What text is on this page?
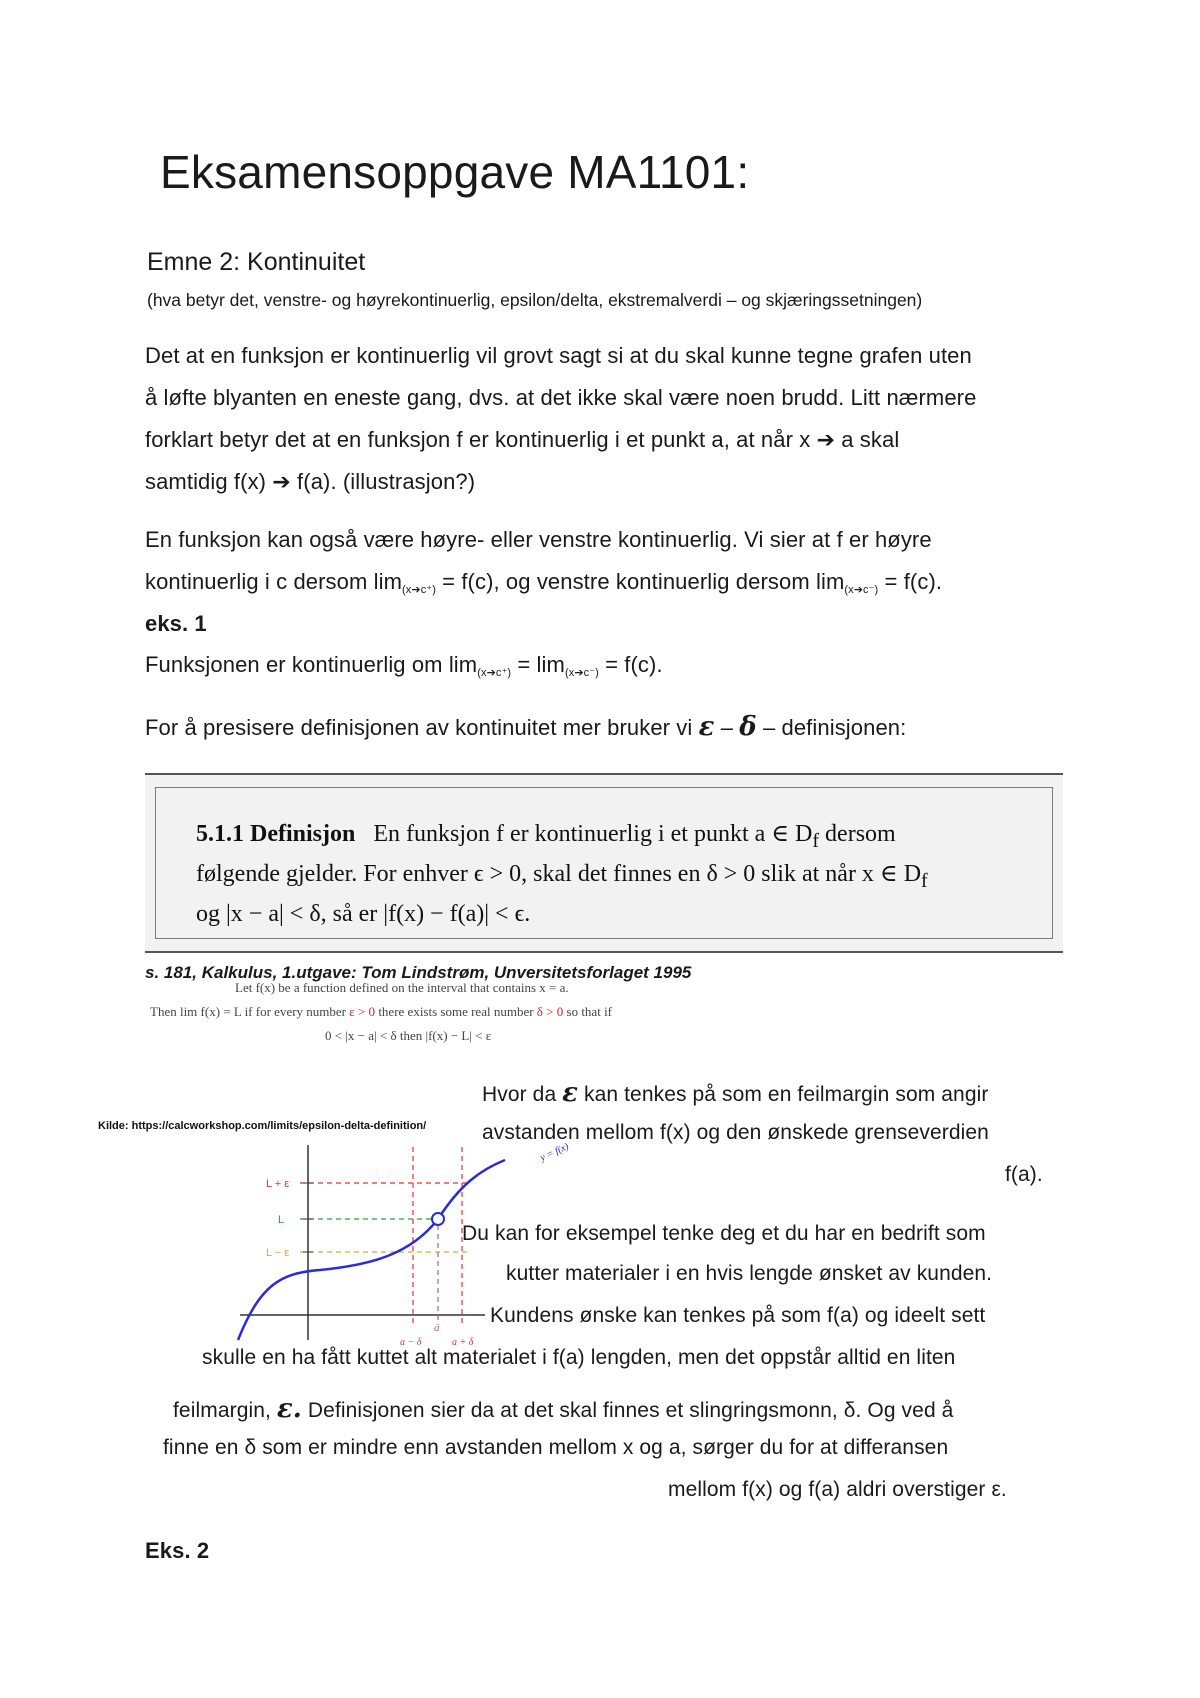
Eksamensoppgave MA1101:
Emne 2: Kontinuitet
(hva betyr det, venstre- og høyrekontinuerlig, epsilon/delta, ekstremalverdi – og skjæringssetningen)
Det at en funksjon er kontinuerlig vil grovt sagt si at du skal kunne tegne grafen uten
å løfte blyanten en eneste gang, dvs. at det ikke skal være noen brudd. Litt nærmere
forklart betyr det at en funksjon f er kontinuerlig i et punkt a, at når x ➔ a skal
samtidig f(x) ➔ f(a). (illustrasjon?)
En funksjon kan også være høyre- eller venstre kontinuerlig. Vi sier at f er høyre
kontinuerlig i c dersom lim(x➔c⁺) = f(c), og venstre kontinuerlig dersom lim(x➔c⁻) = f(c).
eks. 1
Funksjonen er kontinuerlig om lim(x➔c⁺) = lim(x➔c⁻) = f(c).
For å presisere definisjonen av kontinuitet mer bruker vi ε – δ – definisjonen:
5.1.1 Definisjon En funksjon f er kontinuerlig i et punkt a ∈ $D_f$ dersom
følgende gjelder. For enhver ϵ > 0, skal det finnes en δ > 0 slik at når x ∈ $D_f$
og |x − a| < δ, så er |f(x) − f(a)| < ϵ.
s. 181, Kalkulus, 1.utgave: Tom Lindstrøm, Unversitetsforlaget 1995
Let f(x) be a function defined on the interval that contains x = a.
Then lim f(x) = L if for every number ε > 0 there exists some real number δ > 0 so that if
0 < |x − a| < δ then |f(x) − L| < ε
Kilde: https://calcworkshop.com/limits/epsilon-delta-definition/
L + ε
L
L − ε
a
a − δ	a + δ
y = f(x)
Hvor da ε kan tenkes på som en feilmargin som angir
avstanden mellom f(x) og den ønskede grenseverdien
f(a).
Du kan for eksempel tenke deg et du har en bedrift som
kutter materialer i en hvis lengde ønsket av kunden.
Kundens ønske kan tenkes på som f(a) og ideelt sett
skulle en ha fått kuttet alt materialet i f(a) lengden, men det oppstår alltid en liten
feilmargin, ε. Definisjonen sier da at det skal finnes et slingringsmonn, δ. Og ved å
finne en δ som er mindre enn avstanden mellom x og a, sørger du for at differansen
mellom f(x) og f(a) aldri overstiger ε.
Eks. 2
